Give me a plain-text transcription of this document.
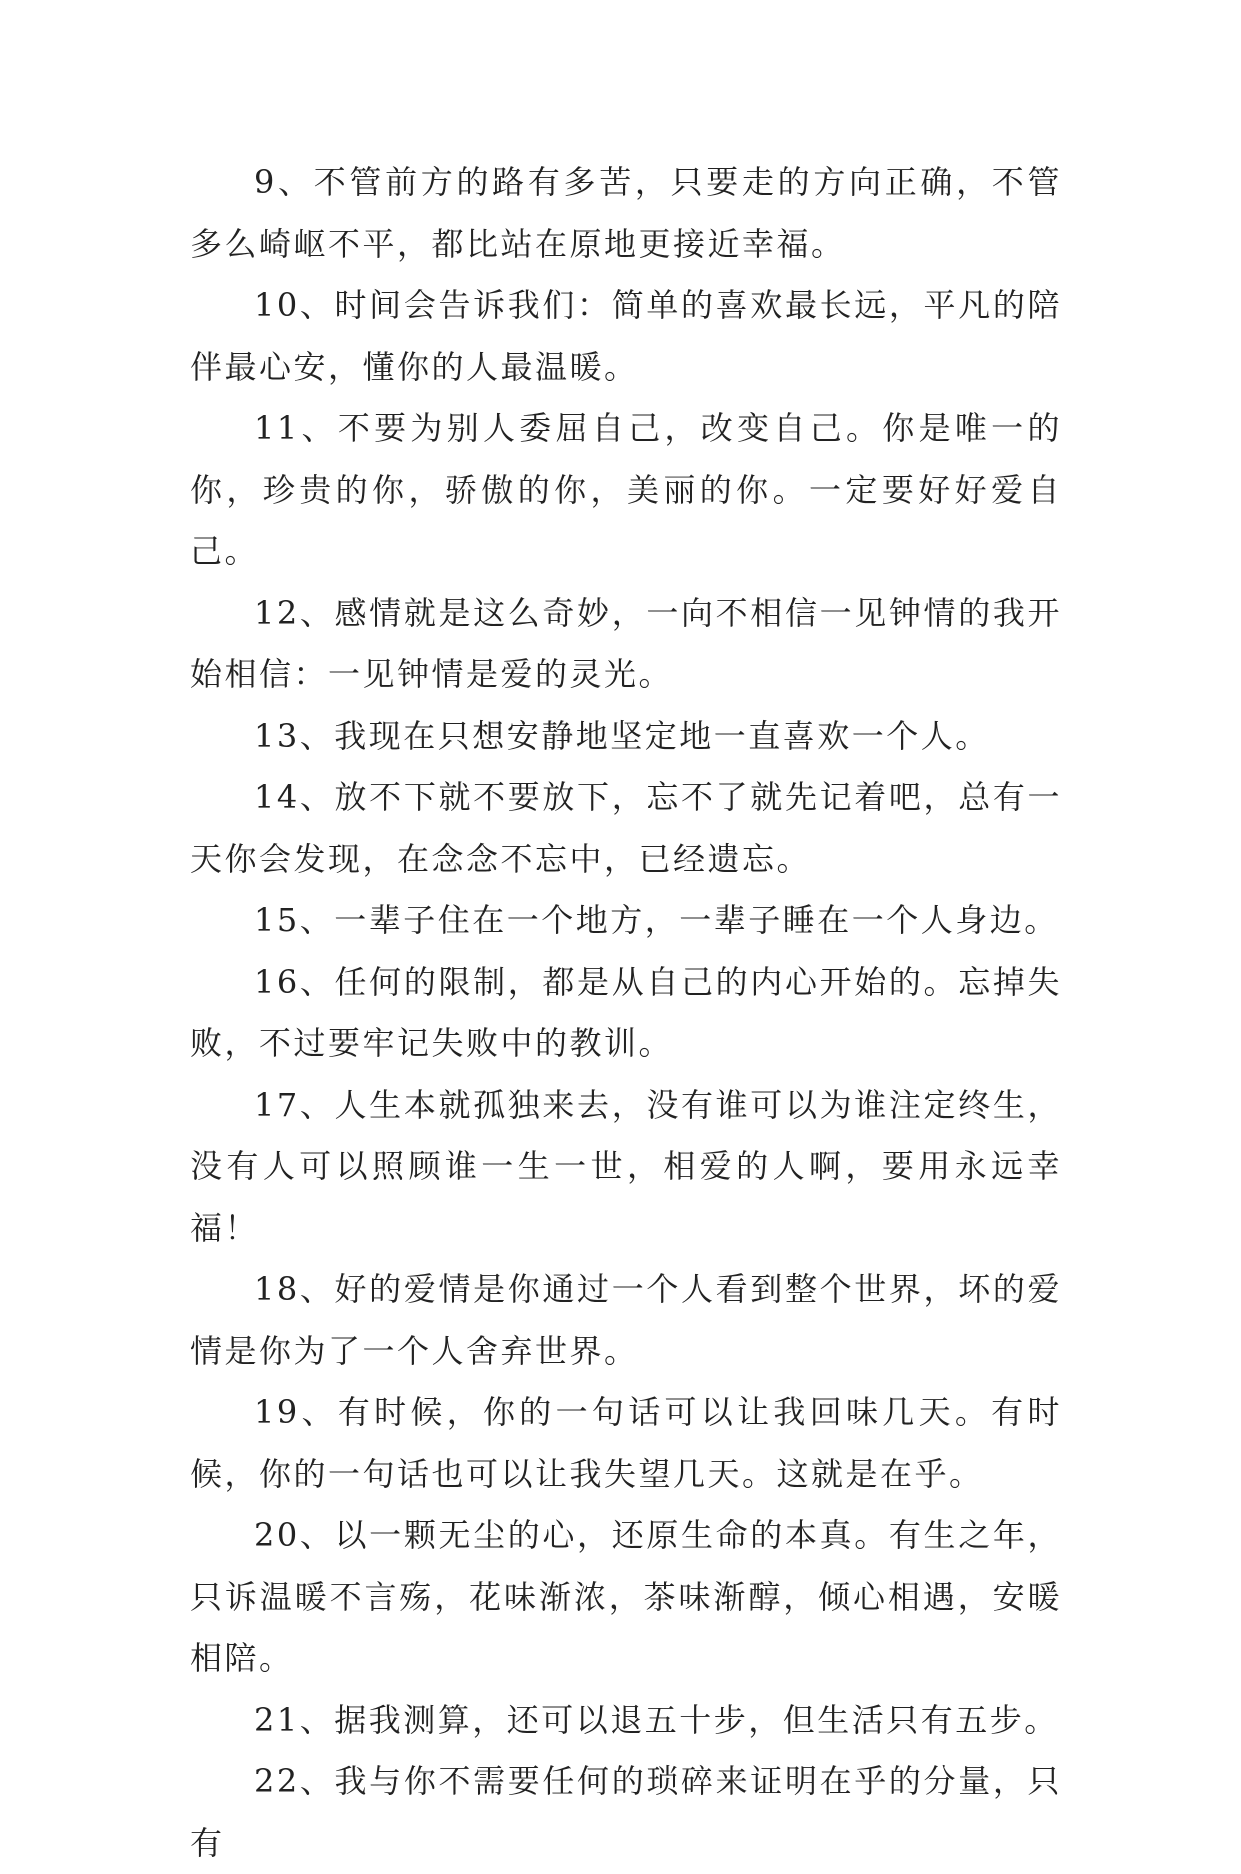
9、不管前方的路有多苦，只要走的方向正确，不管多么崎岖不平，都比站在原地更接近幸福。

10、时间会告诉我们：简单的喜欢最长远，平凡的陪伴最心安，懂你的人最温暖。

11、不要为别人委屈自己，改变自己。你是唯一的你，珍贵的你，骄傲的你，美丽的你。一定要好好爱自己。

12、感情就是这么奇妙，一向不相信一见钟情的我开始相信：一见钟情是爱的灵光。

13、我现在只想安静地坚定地一直喜欢一个人。

14、放不下就不要放下，忘不了就先记着吧，总有一天你会发现，在念念不忘中，已经遗忘。

15、一辈子住在一个地方，一辈子睡在一个人身边。

16、任何的限制，都是从自己的内心开始的。忘掉失败，不过要牢记失败中的教训。

17、人生本就孤独来去，没有谁可以为谁注定终生，没有人可以照顾谁一生一世，相爱的人啊，要用永远幸福！

18、好的爱情是你通过一个人看到整个世界，坏的爱情是你为了一个人舍弃世界。

19、有时候，你的一句话可以让我回味几天。有时候，你的一句话也可以让我失望几天。这就是在乎。

20、以一颗无尘的心，还原生命的本真。有生之年，只诉温暖不言殇，花味渐浓，茶味渐醇，倾心相遇，安暖相陪。

21、据我测算，还可以退五十步，但生活只有五步。

22、我与你不需要任何的琐碎来证明在乎的分量，只有
